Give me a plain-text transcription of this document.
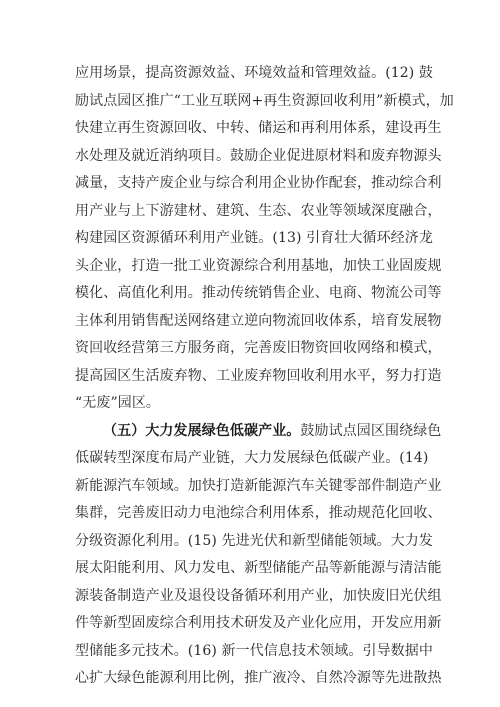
应用场景，提高资源效益、环境效益和管理效益。(12) 鼓
励试点园区推广“工业互联网+再生资源回收利用”新模式，加
快建立再生资源回收、中转、储运和再利用体系，建设再生
水处理及就近消纳项目。鼓励企业促进原材料和废弃物源头
减量，支持产废企业与综合利用企业协作配套，推动综合利
用产业与上下游建材、建筑、生态、农业等领域深度融合，
构建园区资源循环利用产业链。(13) 引育壮大循环经济龙
头企业，打造一批工业资源综合利用基地，加快工业固废规
模化、高值化利用。推动传统销售企业、电商、物流公司等
主体利用销售配送网络建立逆向物流回收体系，培育发展物
资回收经营第三方服务商，完善废旧物资回收网络和模式，
提高园区生活废弃物、工业废弃物回收利用水平，努力打造
“无废”园区。
（五）大力发展绿色低碳产业。鼓励试点园区围绕绿色
低碳转型深度布局产业链，大力发展绿色低碳产业。(14)
新能源汽车领域。加快打造新能源汽车关键零部件制造产业
集群，完善废旧动力电池综合利用体系，推动规范化回收、
分级资源化利用。(15) 先进光伏和新型储能领域。大力发
展太阳能利用、风力发电、新型储能产品等新能源与清洁能
源装备制造产业及退役设备循环利用产业，加快废旧光伏组
件等新型固废综合利用技术研发及产业化应用，开发应用新
型储能多元技术。(16) 新一代信息技术领域。引导数据中
心扩大绿色能源利用比例，推广液冷、自然冷源等先进散热
